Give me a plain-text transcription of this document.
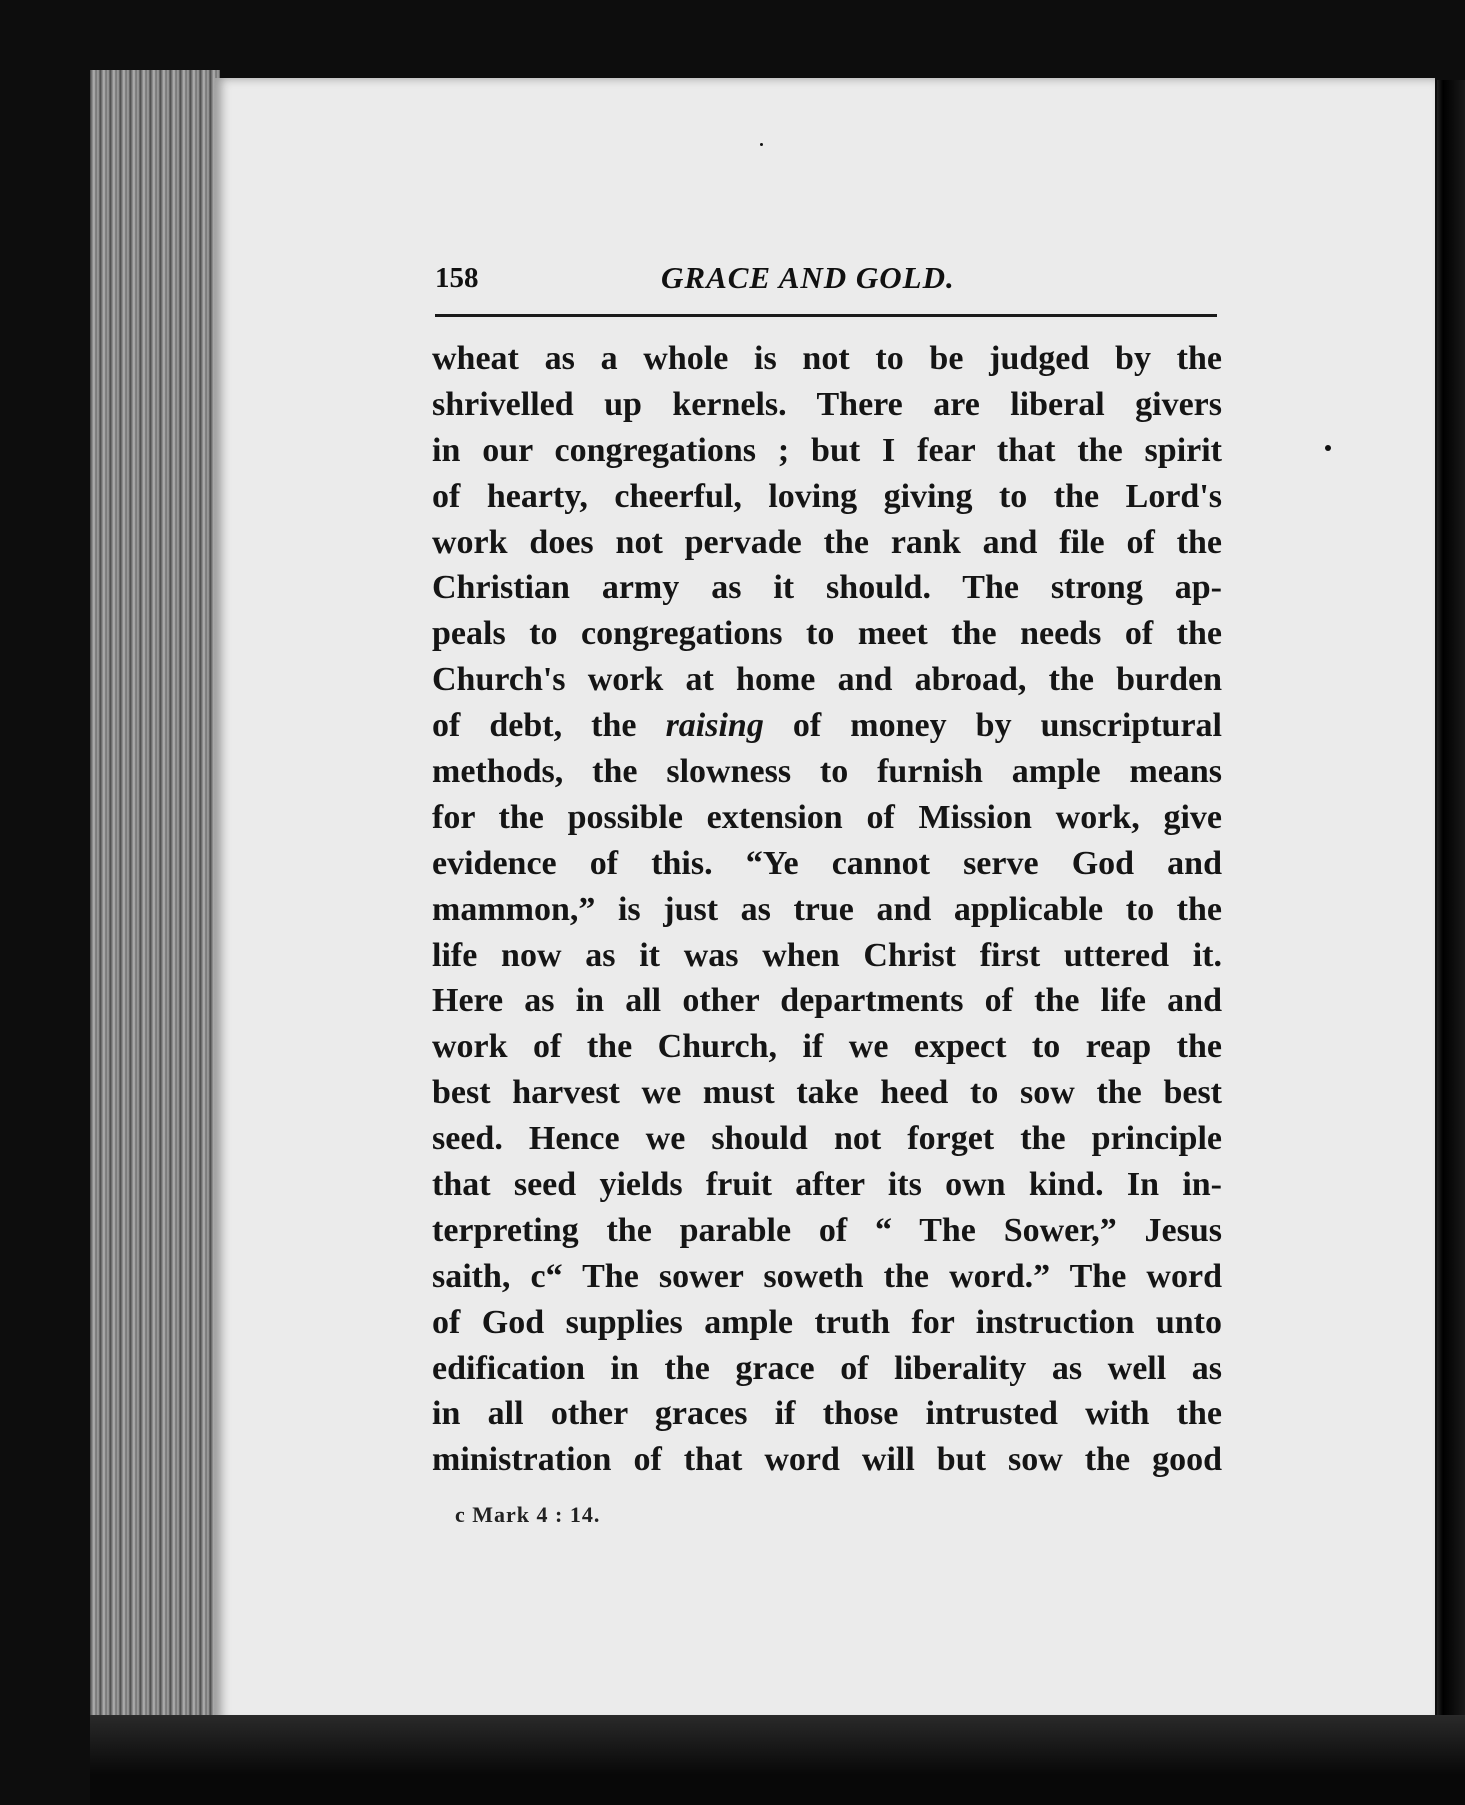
158	GRACE AND GOLD.
wheat as a whole is not to be judged by the
shrivelled up kernels. There are liberal givers
in our congregations ; but I fear that the spirit
of hearty, cheerful, loving giving to the Lord's
work does not pervade the rank and file of the
Christian army as it should. The strong ap-
peals to congregations to meet the needs of the
Church's work at home and abroad, the burden
of debt, the raising of money by unscriptural
methods, the slowness to furnish ample means
for the possible extension of Mission work, give
evidence of this. “Ye cannot serve God and
mammon,” is just as true and applicable to the
life now as it was when Christ first uttered it.
Here as in all other departments of the life and
work of the Church, if we expect to reap the
best harvest we must take heed to sow the best
seed. Hence we should not forget the principle
that seed yields fruit after its own kind. In in-
terpreting the parable of “ The Sower,” Jesus
saith, c“ The sower soweth the word.” The word
of God supplies ample truth for instruction unto
edification in the grace of liberality as well as
in all other graces if those intrusted with the
ministration of that word will but sow the good
c Mark 4 : 14.
